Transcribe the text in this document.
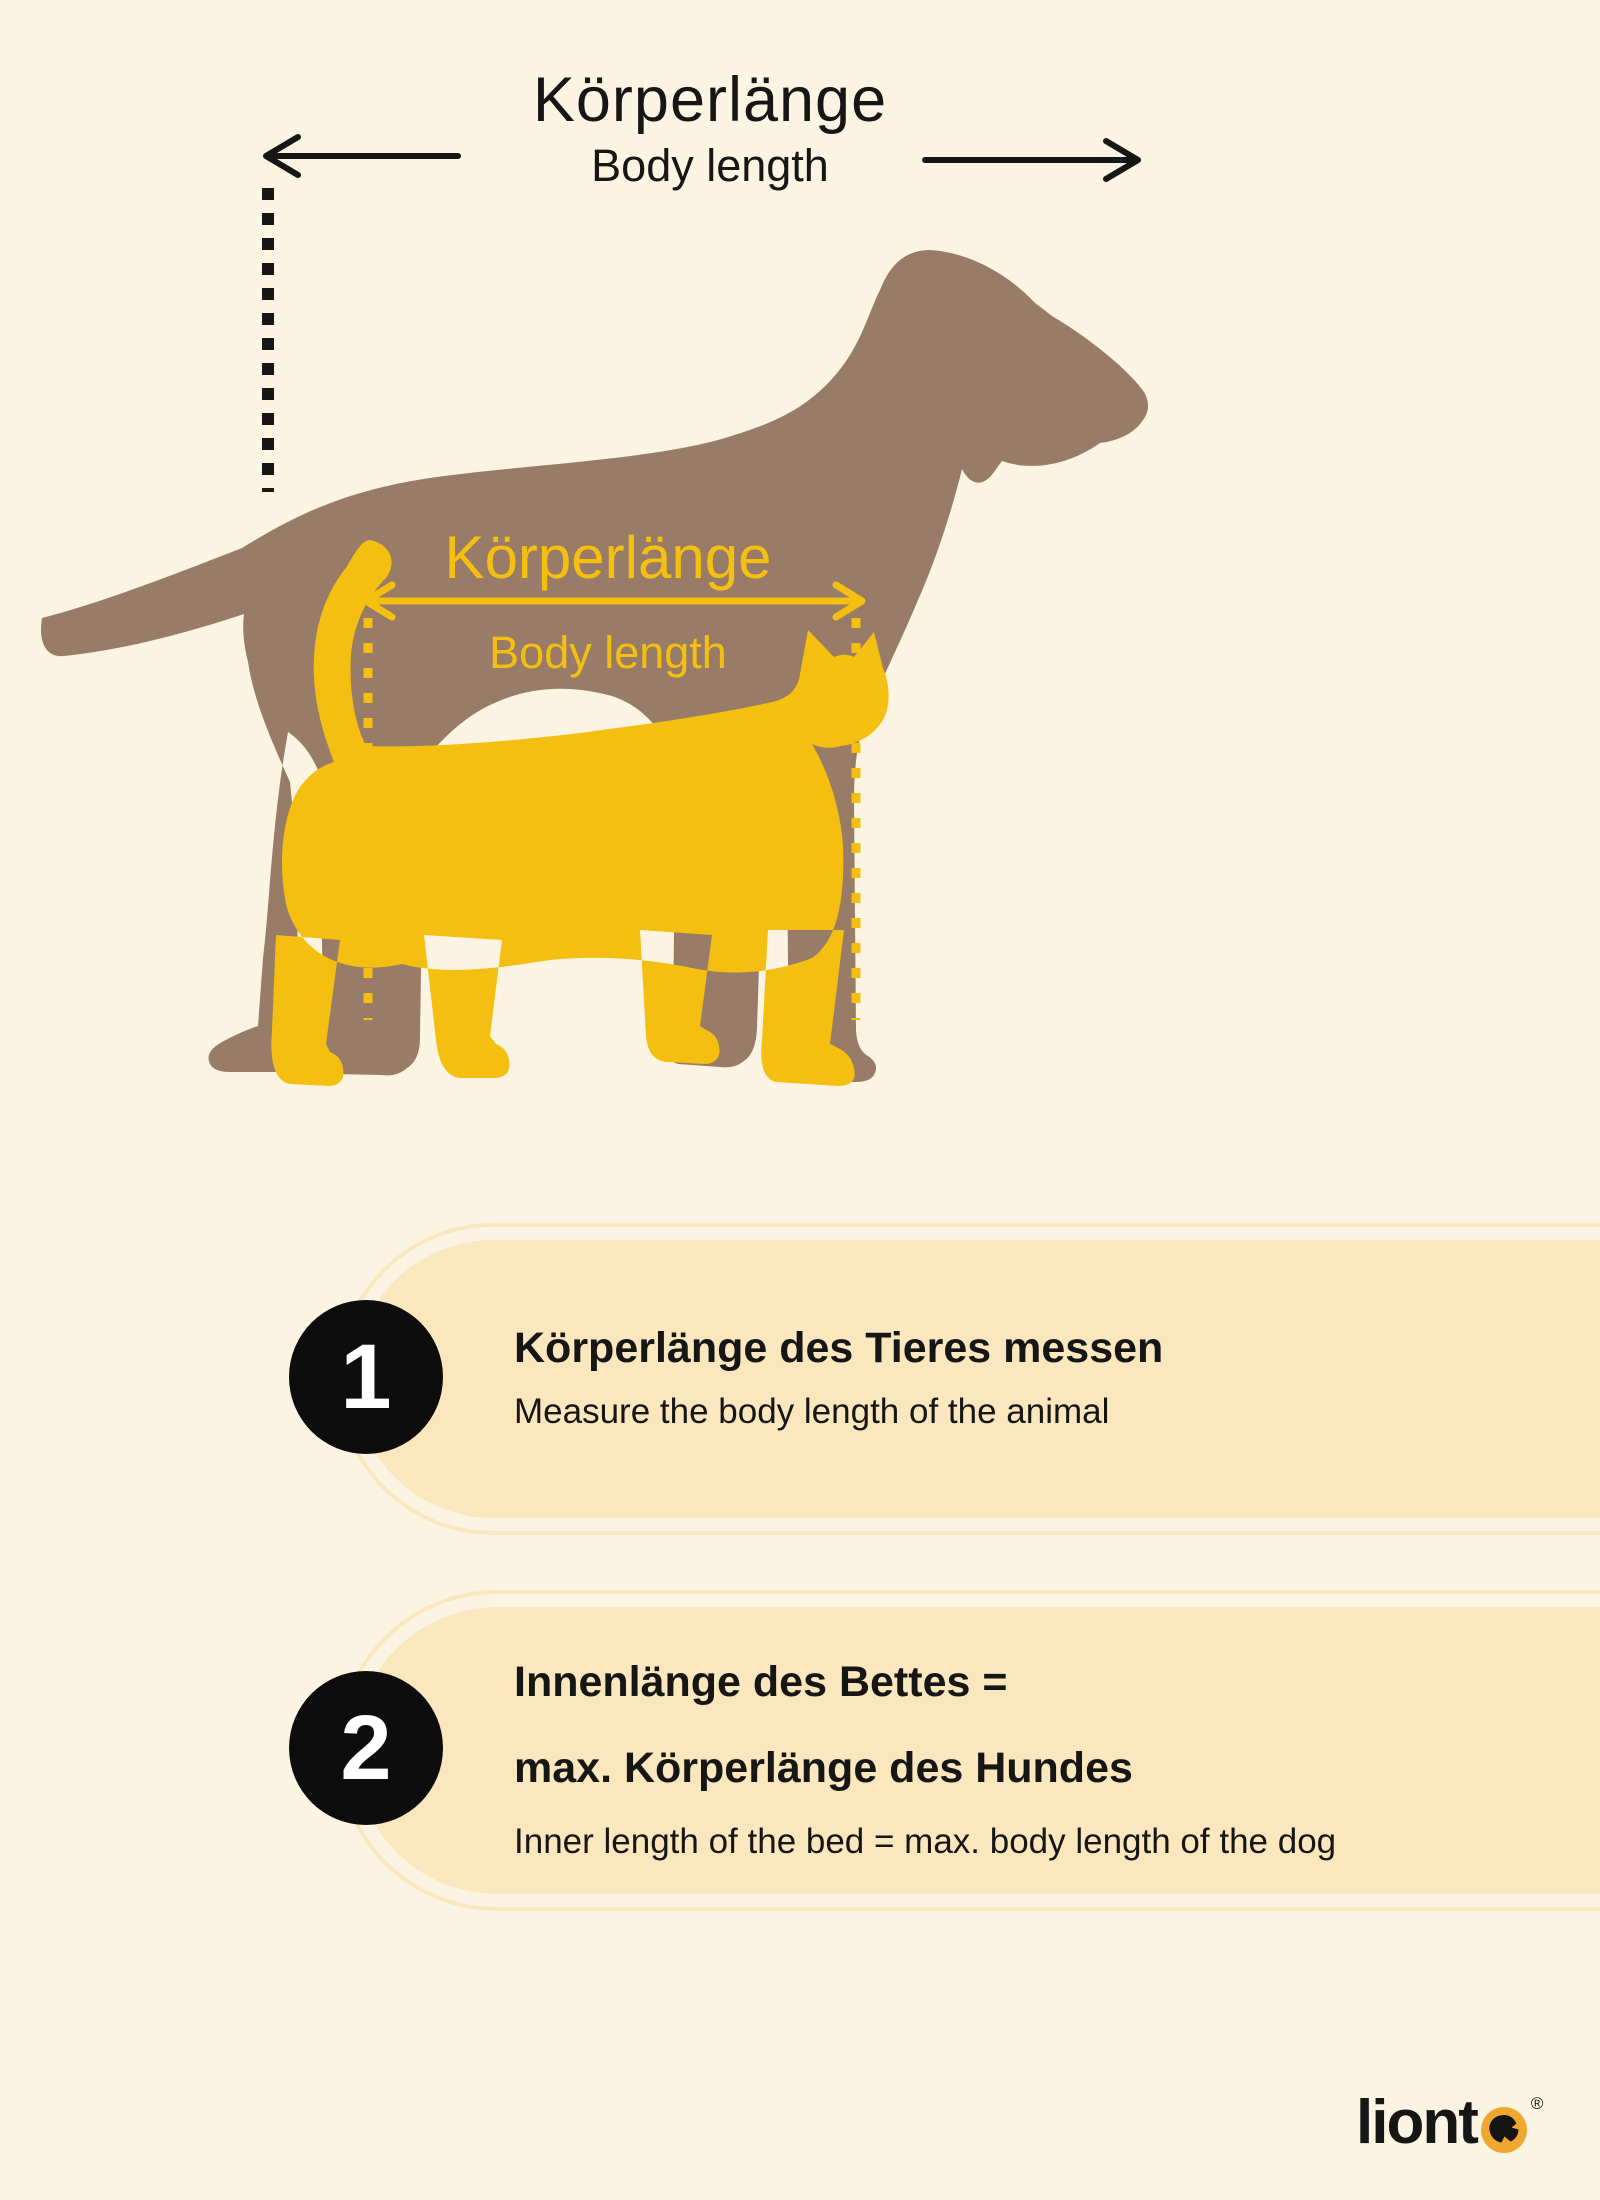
Körperlänge
Body length
Körperlänge
Body length
Körperlänge des Tieres messen
Measure the body length of the animal
1
Innenlänge des Bettes =
max. Körperlänge des Hundes
Inner length of the bed = max. body length of the dog
2
liont	®
